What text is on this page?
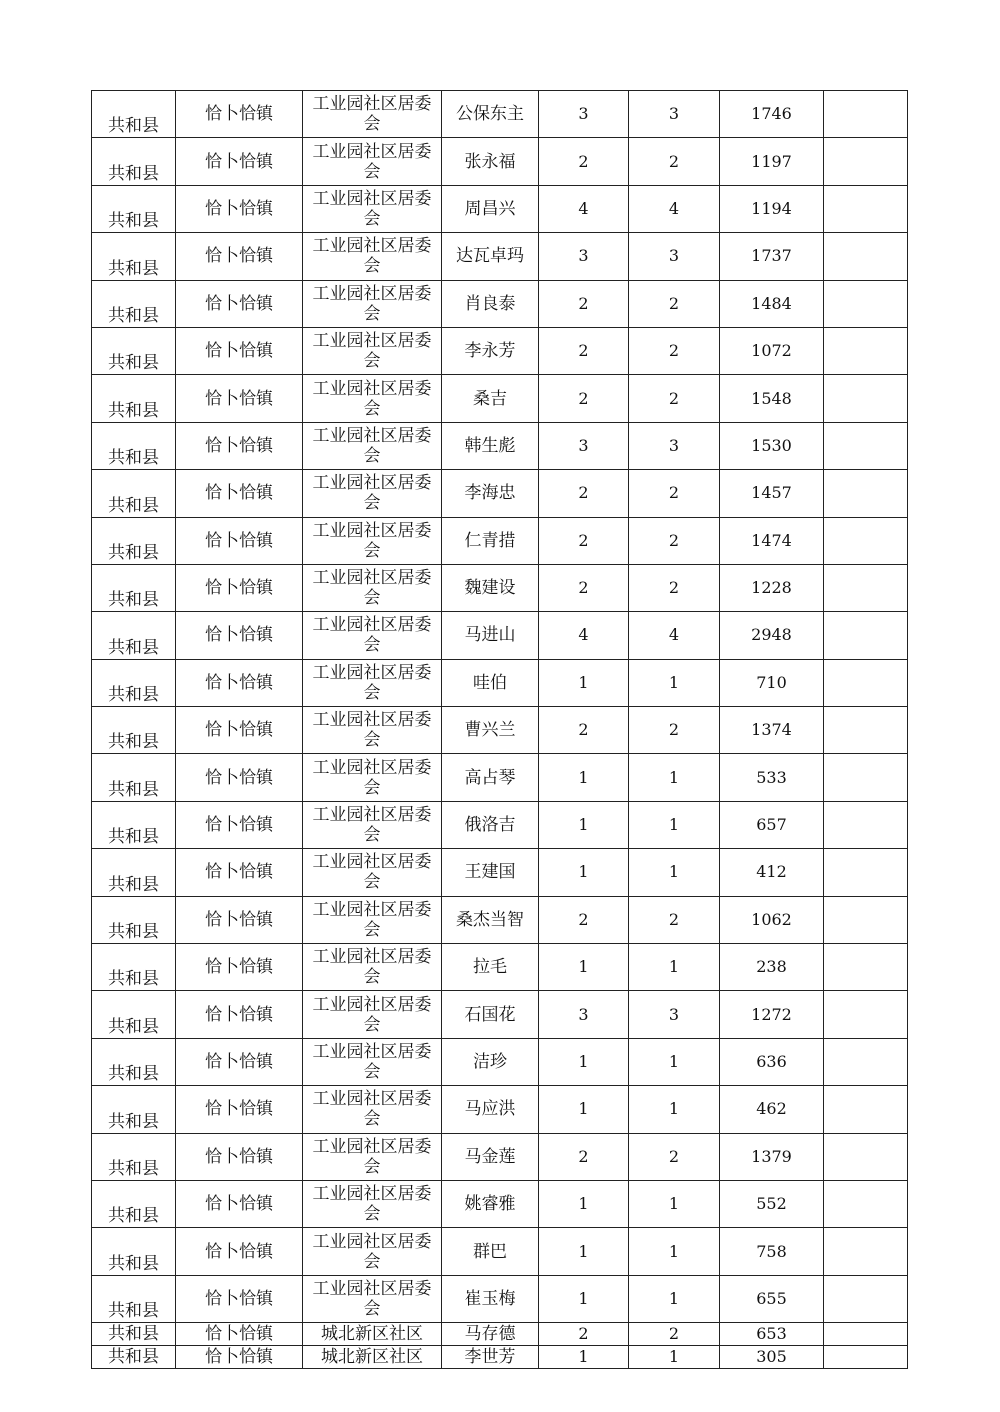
共和县	恰卜恰镇	工业园社区居委会	公保东主	3	3	1746	
共和县	恰卜恰镇	工业园社区居委会	张永福	2	2	1197	
共和县	恰卜恰镇	工业园社区居委会	周昌兴	4	4	1194	
共和县	恰卜恰镇	工业园社区居委会	达瓦卓玛	3	3	1737	
共和县	恰卜恰镇	工业园社区居委会	肖良泰	2	2	1484	
共和县	恰卜恰镇	工业园社区居委会	李永芳	2	2	1072	
共和县	恰卜恰镇	工业园社区居委会	桑吉	2	2	1548	
共和县	恰卜恰镇	工业园社区居委会	韩生彪	3	3	1530	
共和县	恰卜恰镇	工业园社区居委会	李海忠	2	2	1457	
共和县	恰卜恰镇	工业园社区居委会	仁青措	2	2	1474	
共和县	恰卜恰镇	工业园社区居委会	魏建设	2	2	1228	
共和县	恰卜恰镇	工业园社区居委会	马进山	4	4	2948	
共和县	恰卜恰镇	工业园社区居委会	哇伯	1	1	710	
共和县	恰卜恰镇	工业园社区居委会	曹兴兰	2	2	1374	
共和县	恰卜恰镇	工业园社区居委会	高占琴	1	1	533	
共和县	恰卜恰镇	工业园社区居委会	俄洛吉	1	1	657	
共和县	恰卜恰镇	工业园社区居委会	王建国	1	1	412	
共和县	恰卜恰镇	工业园社区居委会	桑杰当智	2	2	1062	
共和县	恰卜恰镇	工业园社区居委会	拉毛	1	1	238	
共和县	恰卜恰镇	工业园社区居委会	石国花	3	3	1272	
共和县	恰卜恰镇	工业园社区居委会	洁珍	1	1	636	
共和县	恰卜恰镇	工业园社区居委会	马应洪	1	1	462	
共和县	恰卜恰镇	工业园社区居委会	马金莲	2	2	1379	
共和县	恰卜恰镇	工业园社区居委会	姚睿雅	1	1	552	
共和县	恰卜恰镇	工业园社区居委会	群巴	1	1	758	
共和县	恰卜恰镇	工业园社区居委会	崔玉梅	1	1	655	
共和县	恰卜恰镇	城北新区社区	马存德	2	2	653	
共和县	恰卜恰镇	城北新区社区	李世芳	1	1	305	
